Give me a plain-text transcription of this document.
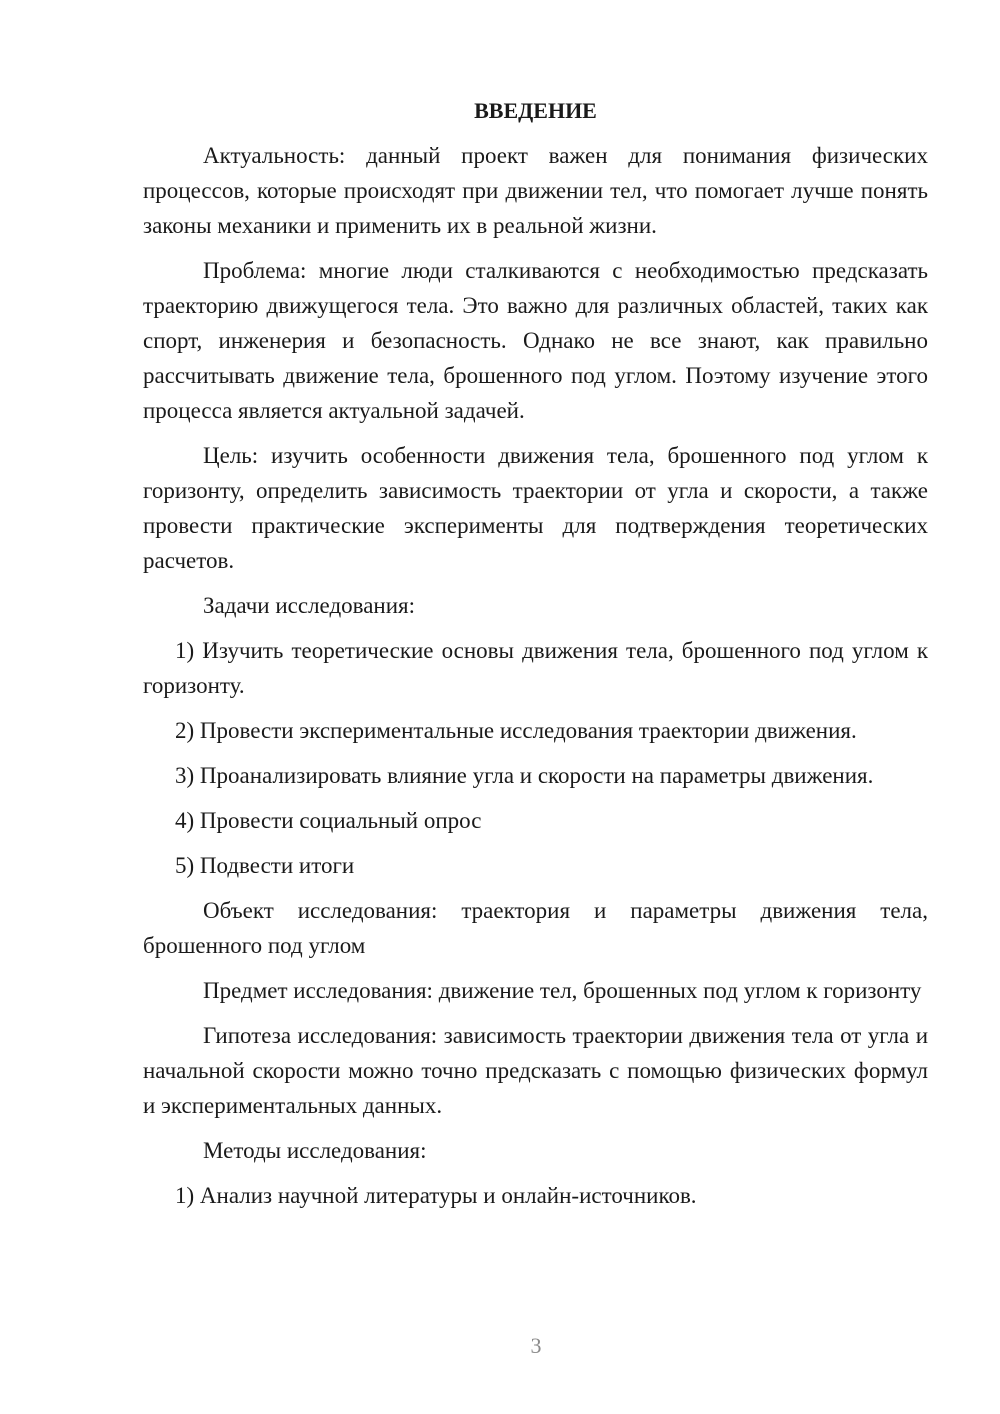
ВВЕДЕНИЕ

Актуальность: данный проект важен для понимания физических процессов, которые происходят при движении тел, что помогает лучше понять законы механики и применить их в реальной жизни.

Проблема: многие люди сталкиваются с необходимостью предсказать траекторию движущегося тела. Это важно для различных областей, таких как спорт, инженерия и безопасность. Однако не все знают, как правильно рассчитывать движение тела, брошенного под углом. Поэтому изучение этого процесса является актуальной задачей.

Цель: изучить особенности движения тела, брошенного под углом к горизонту, определить зависимость траектории от угла и скорости, а также провести практические эксперименты для подтверждения теоретических расчетов.

Задачи исследования:

1) Изучить теоретические основы движения тела, брошенного под углом к горизонту.

2) Провести экспериментальные исследования траектории движения.

3) Проанализировать влияние угла и скорости на параметры движения.

4) Провести социальный опрос

5) Подвести итоги

Объект исследования: траектория и параметры движения тела, брошенного под углом

Предмет исследования: движение тел, брошенных под углом к горизонту

Гипотеза исследования: зависимость траектории движения тела от угла и начальной скорости можно точно предсказать с помощью физических формул и экспериментальных данных.

Методы исследования:

1) Анализ научной литературы и онлайн-источников.

3
